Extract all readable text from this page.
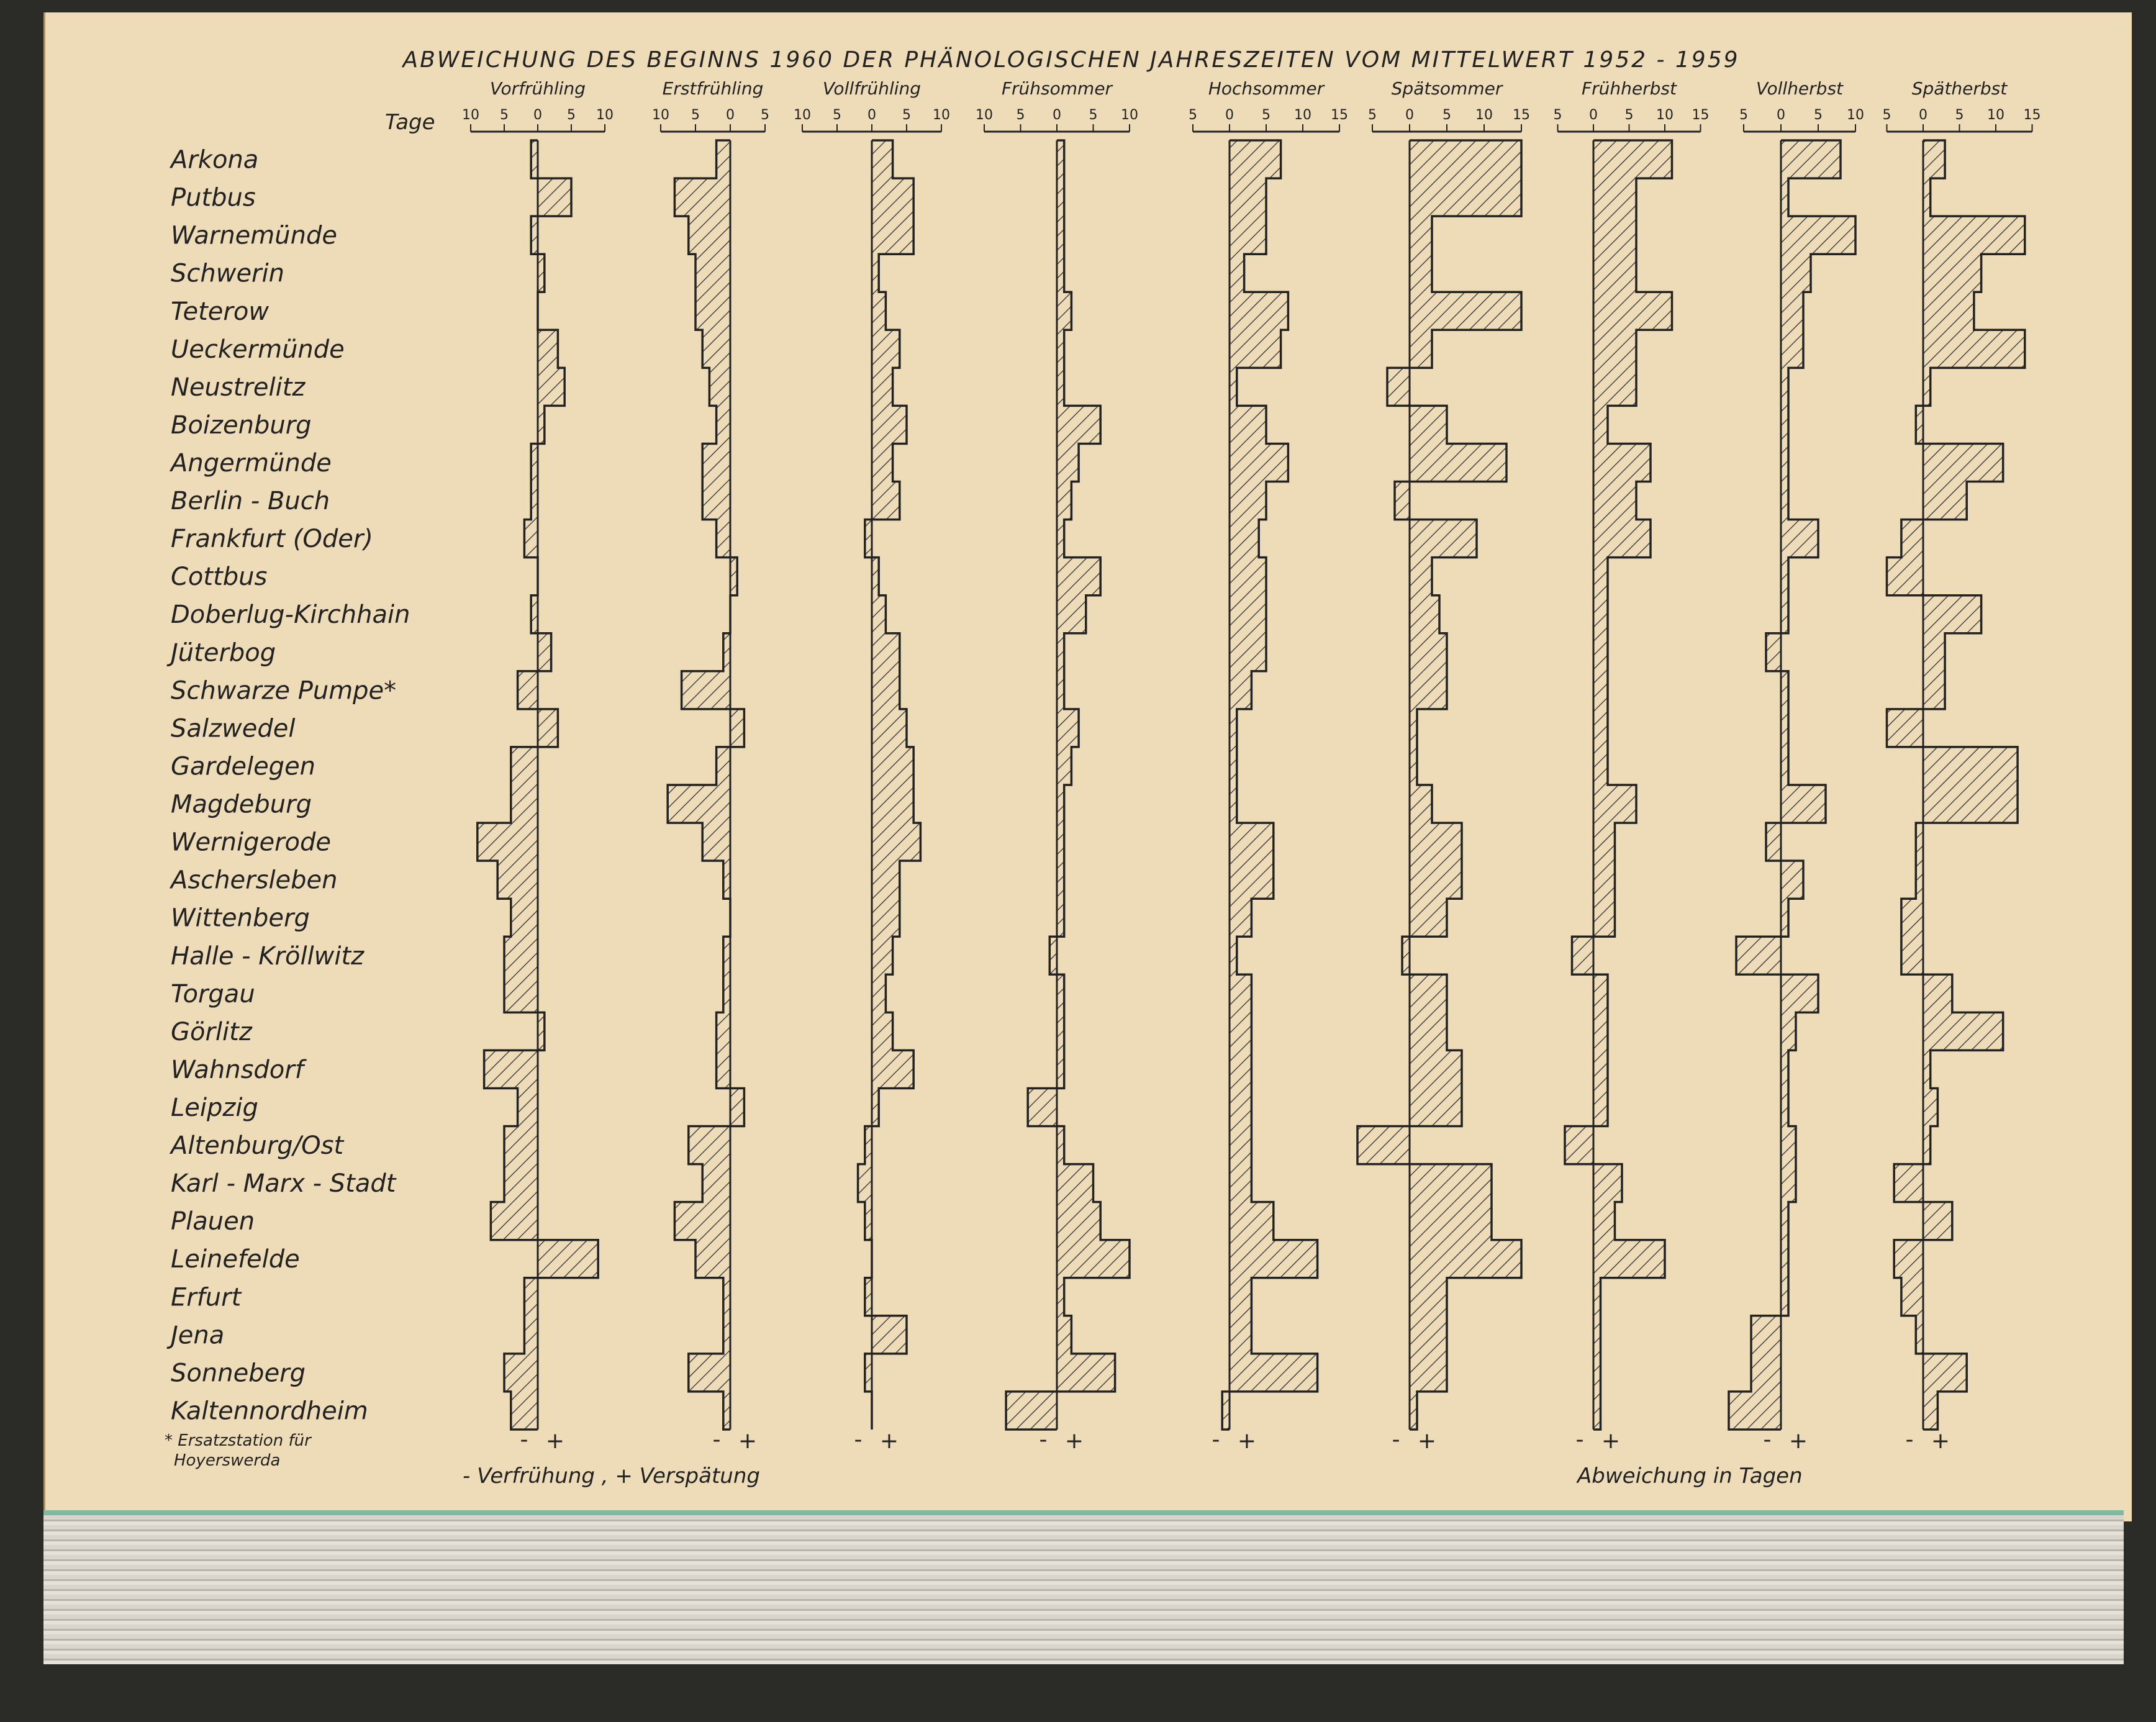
ABWEICHUNG DES BEGINNS 1960 DER PHÄNOLOGISCHEN JAHRESZEITEN VOM MITTELWERT 1952 - 1959
Tage
Arkona
Putbus
Warnemünde
Schwerin
Teterow
Ueckermünde
Neustrelitz
Boizenburg
Angermünde
Berlin - Buch
Frankfurt (Oder)
Cottbus
Doberlug-Kirchhain
Jüterbog
Schwarze Pumpe*
Salzwedel
Gardelegen
Magdeburg
Wernigerode
Aschersleben
Wittenberg
Halle - Kröllwitz
Torgau
Görlitz
Wahnsdorf
Leipzig
Altenburg/Ost
Karl - Marx - Stadt
Plauen
Leinefelde
Erfurt
Jena
Sonneberg
Kaltennordheim
Vorfrühling
10 5 0 5 10
- +
Erstfrühling
10 5 0 5
- +
Vollfrühling
10 5 0 5 10
- +
Frühsommer
10 5 0 5 10
- +
Hochsommer
5 0 5 10 15
- +
Spätsommer
5 0 5 10 15
- +
Frühherbst
5 0 5 10 15
- +
Vollherbst
5 0 5 10
- +
Spätherbst
5 0 5 10 15
- +
- Verfrühung , + Verspätung
* Ersatzstation für
Hoyerswerda
Abweichung in Tagen
